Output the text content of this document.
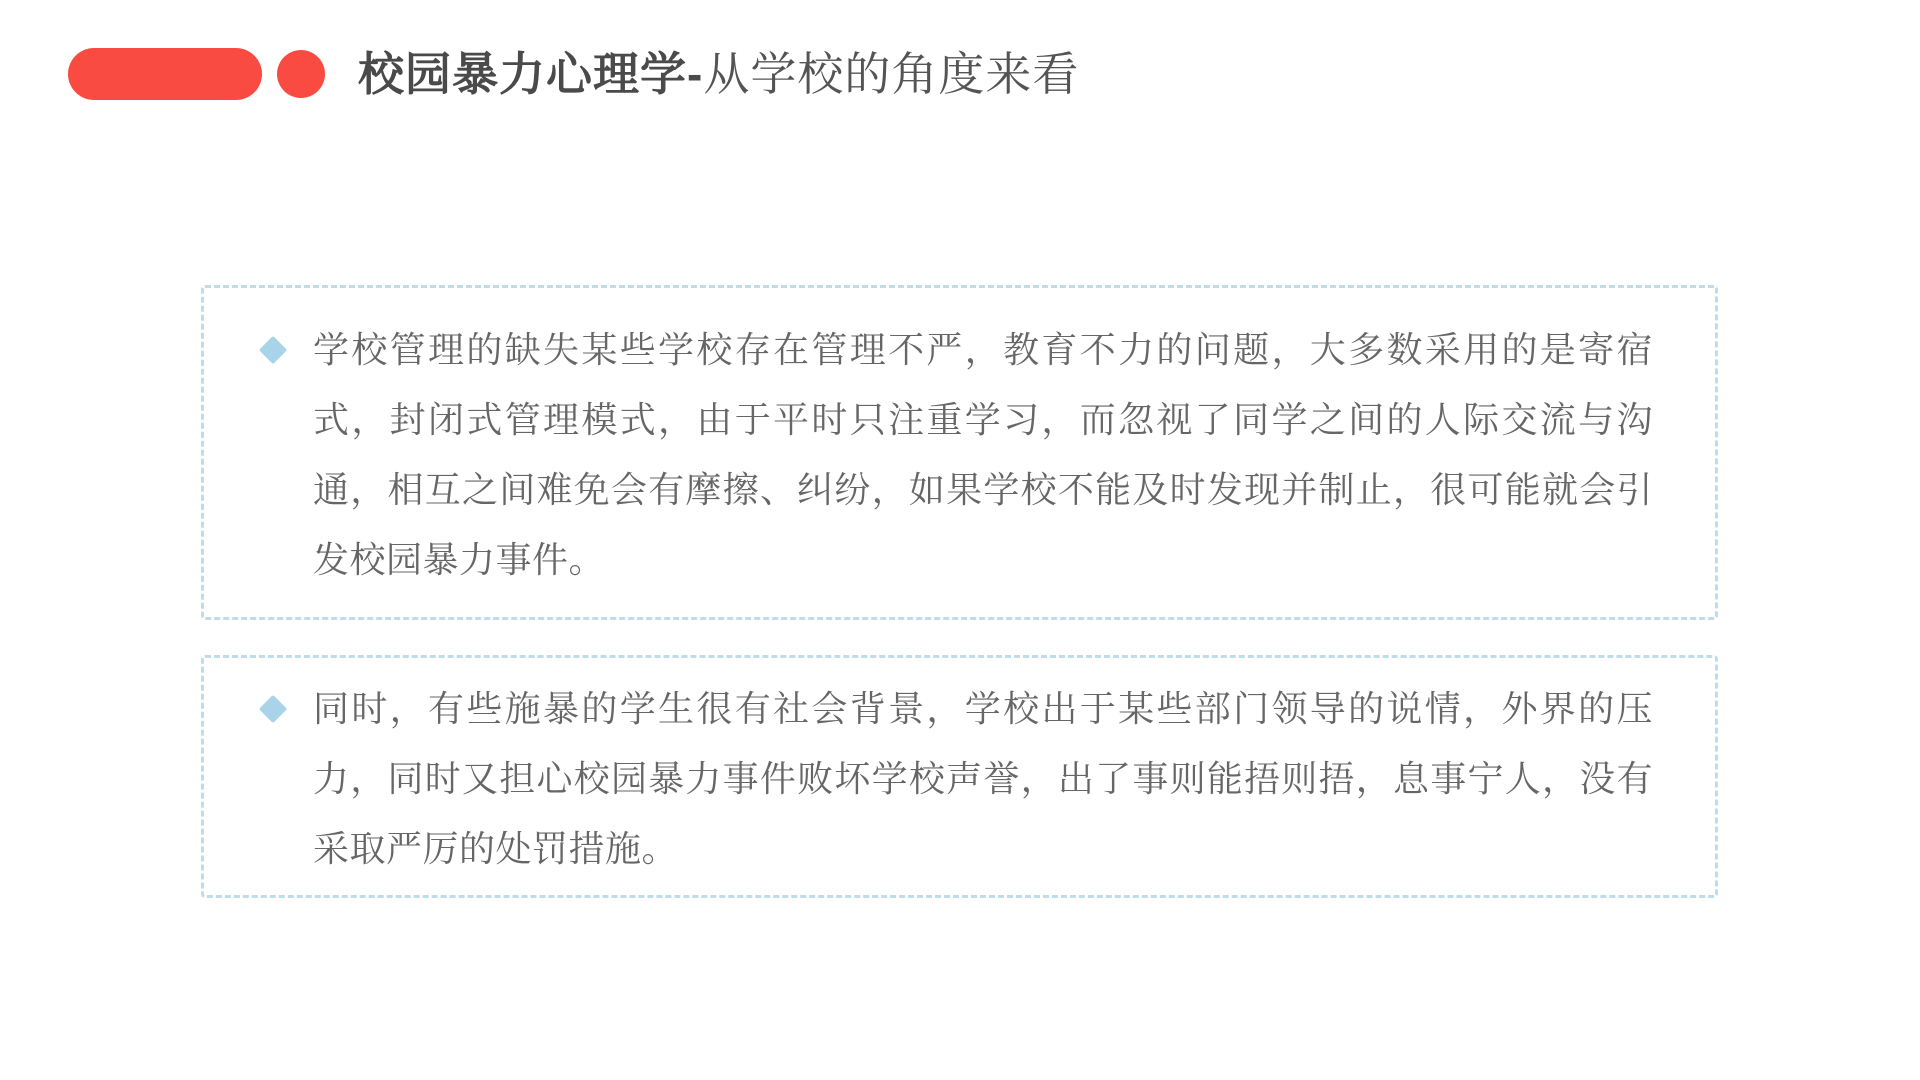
校园暴力心理学-从学校的角度来看

学校管理的缺失某些学校存在管理不严，教育不力的问题，大多数采用的是寄宿式，封闭式管理模式，由于平时只注重学习，而忽视了同学之间的人际交流与沟通，相互之间难免会有摩擦、纠纷，如果学校不能及时发现并制止，很可能就会引发校园暴力事件。

同时，有些施暴的学生很有社会背景，学校出于某些部门领导的说情，外界的压力，同时又担心校园暴力事件败坏学校声誉，出了事则能捂则捂，息事宁人，没有采取严厉的处罚措施。
